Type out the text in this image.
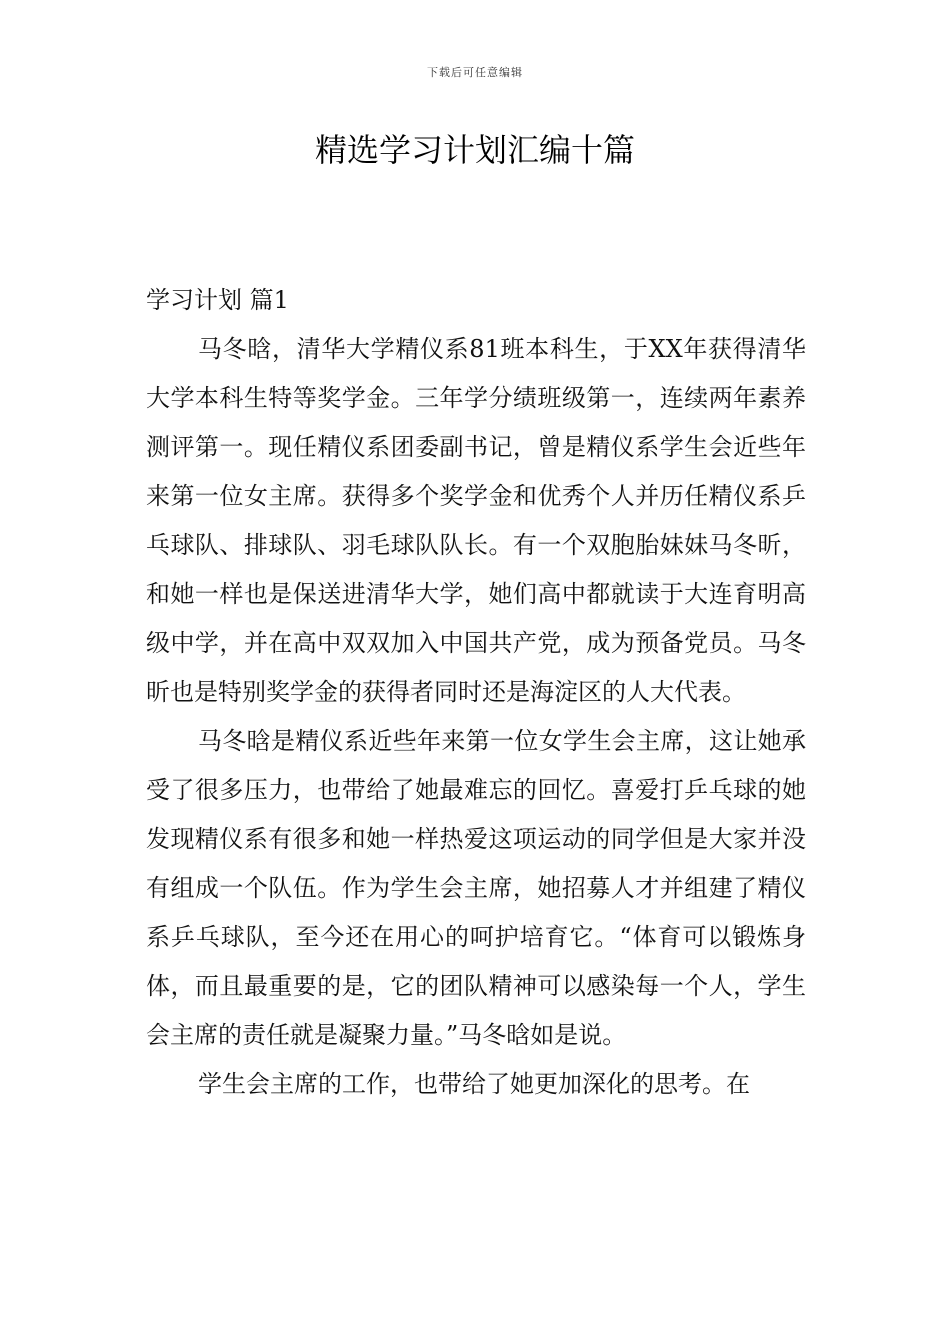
下载后可任意编辑
精选学习计划汇编十篇

学习计划 篇1

马冬晗，清华大学精仪系81班本科生，于XX年获得清华大学本科生特等奖学金。三年学分绩班级第一，连续两年素养测评第一。现任精仪系团委副书记，曾是精仪系学生会近些年来第一位女主席。获得多个奖学金和优秀个人并历任精仪系乒乓球队、排球队、羽毛球队队长。有一个双胞胎妹妹马冬昕，和她一样也是保送进清华大学，她们高中都就读于大连育明高级中学，并在高中双双加入中国共产党，成为预备党员。马冬昕也是特别奖学金的获得者同时还是海淀区的人大代表。

马冬晗是精仪系近些年来第一位女学生会主席，这让她承受了很多压力，也带给了她最难忘的回忆。喜爱打乒乓球的她发现精仪系有很多和她一样热爱这项运动的同学但是大家并没有组成一个队伍。作为学生会主席，她招募人才并组建了精仪系乒乓球队，至今还在用心的呵护培育它。“体育可以锻炼身体，而且最重要的是，它的团队精神可以感染每一个人，学生会主席的责任就是凝聚力量。”马冬晗如是说。

学生会主席的工作，也带给了她更加深化的思考。在
